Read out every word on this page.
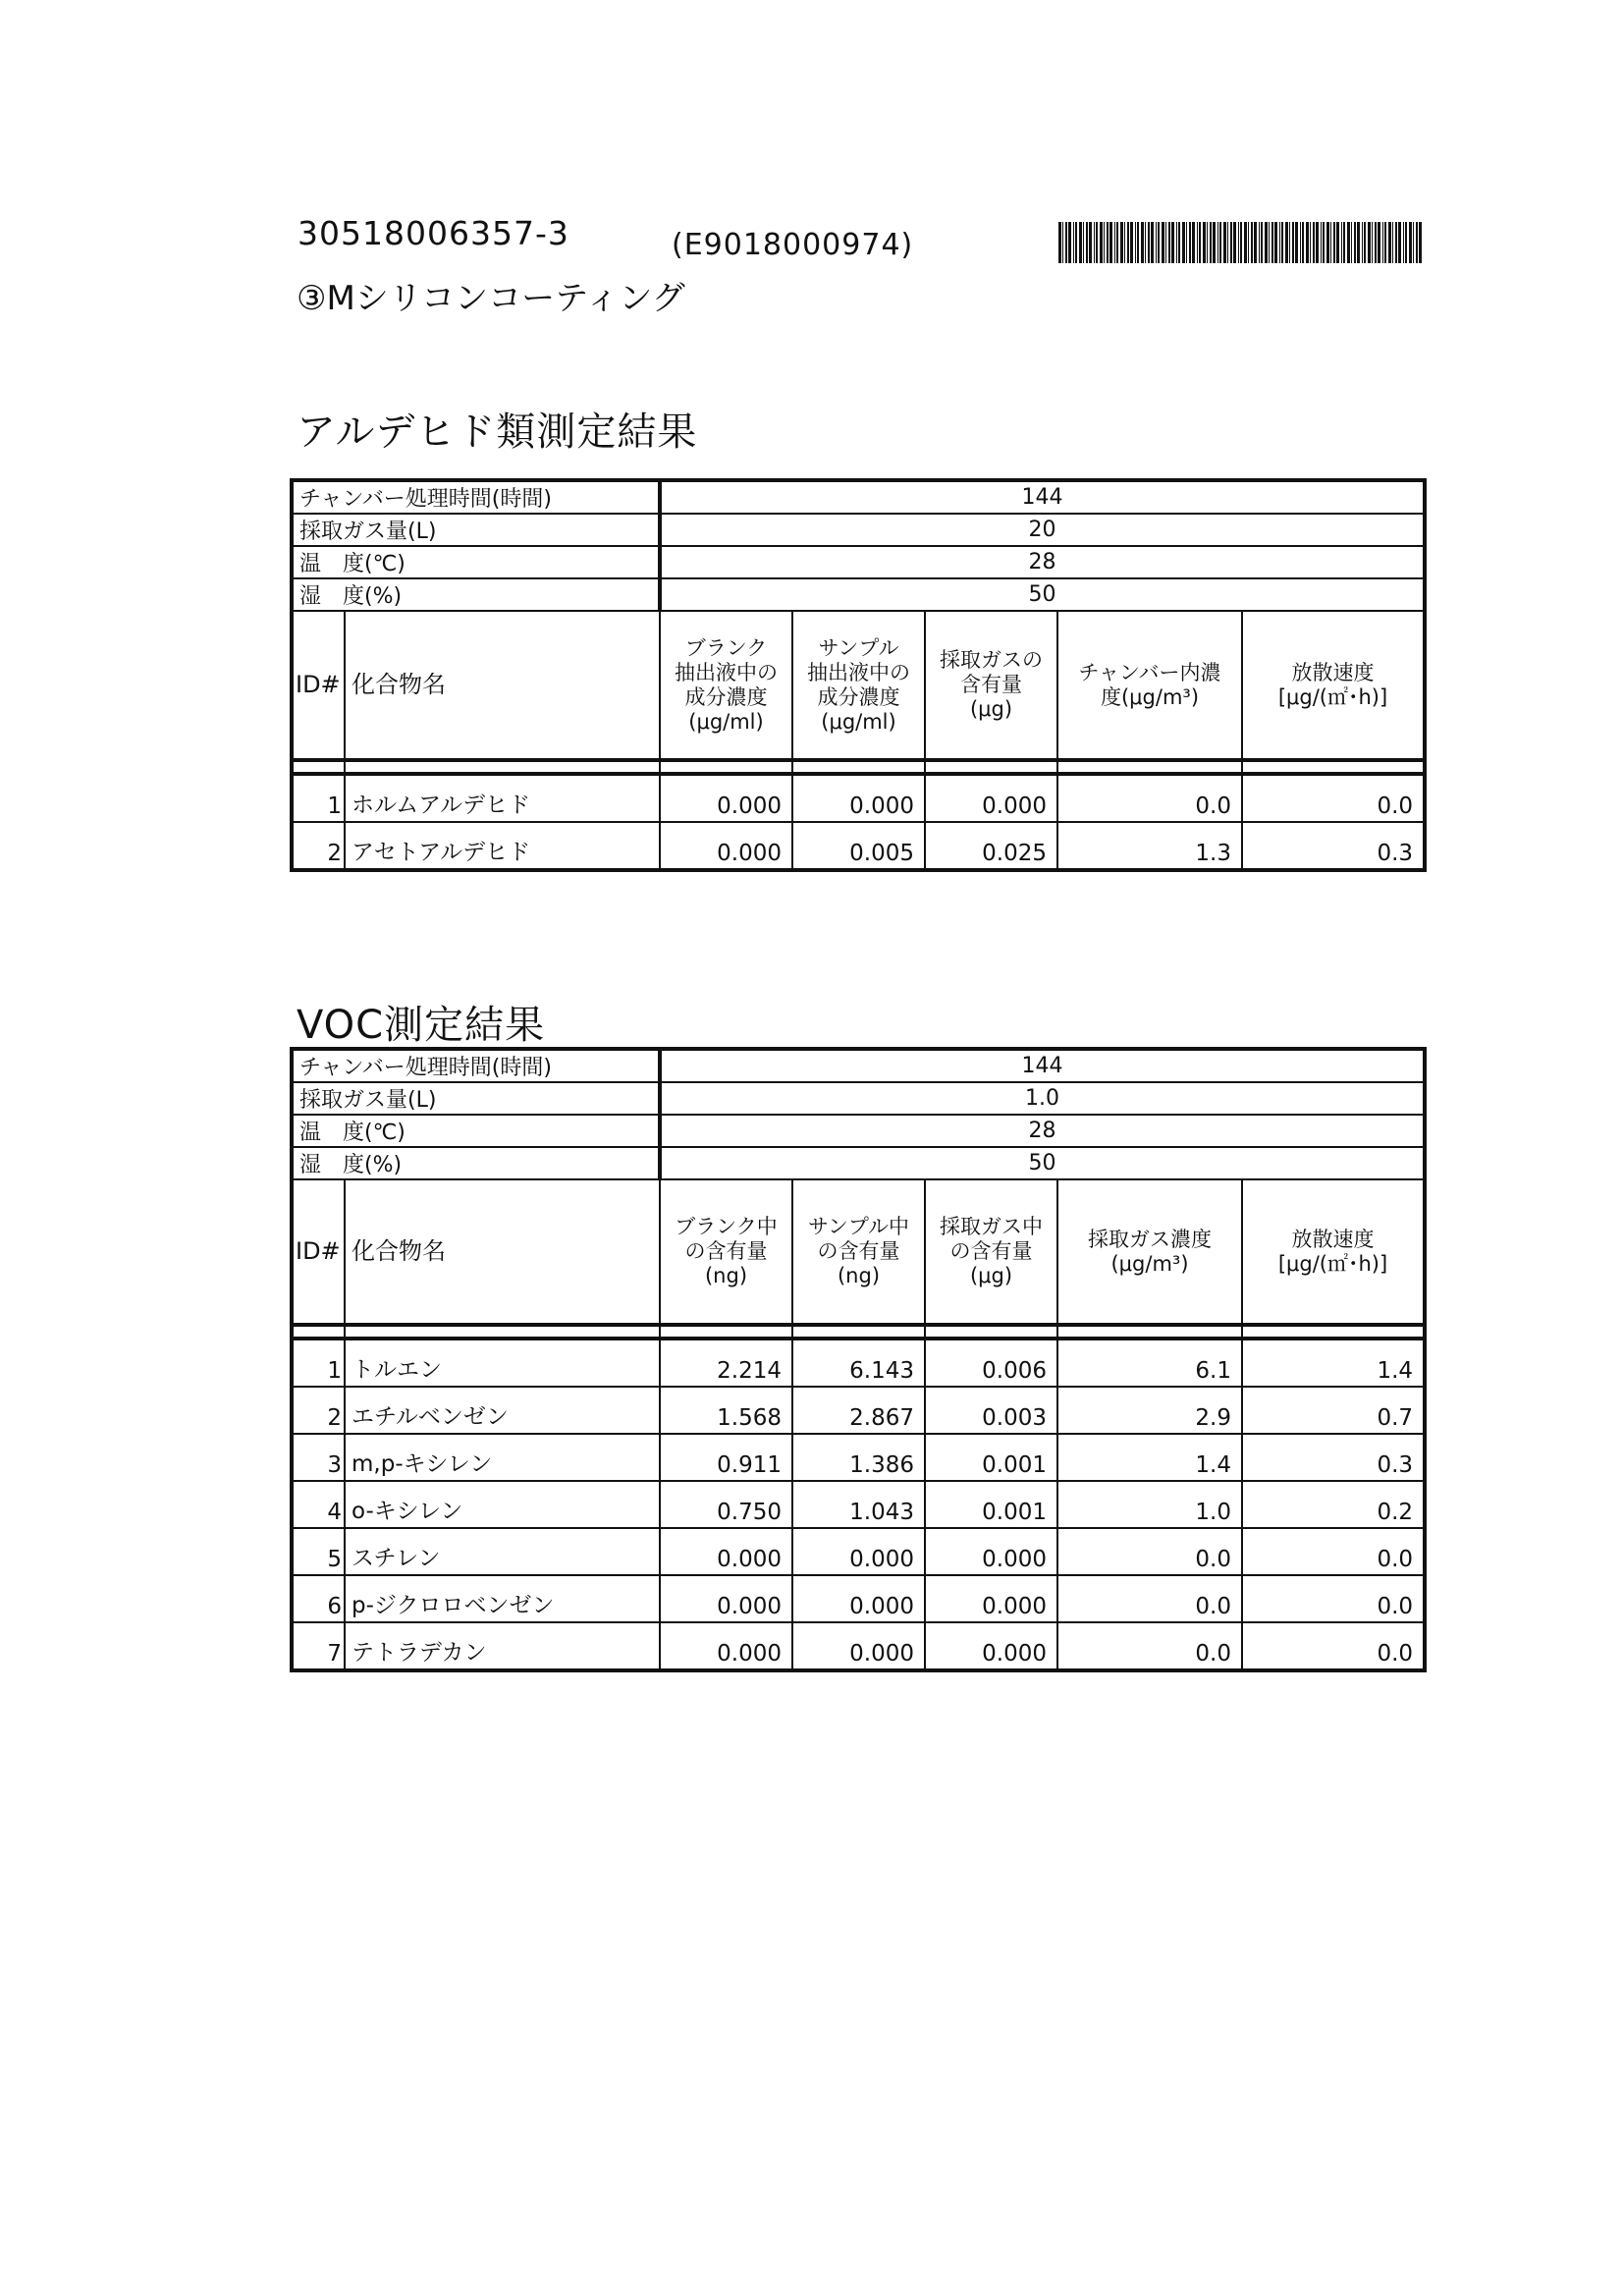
30518006357-3	(E9018000974)
③Mシリコンコーティング
アルデヒド類測定結果
チャンバー処理時間(時間)		144				
採取ガス量(L)		20				
温　度(℃)		28				
湿　度(%)		50				
ID#	化合物名	ブランク
抽出液中の
成分濃度
(μg/ml)	サンプル
抽出液中の
成分濃度
(μg/ml)	採取ガスの
含有量
(μg)	チャンバー内濃
度(μg/m³)	放散速度
[μg/(㎡･h)]

1	ホルムアルデヒド	0.000	0.000	0.000	0.0	0.0
2	アセトアルデヒド	0.000	0.005	0.025	1.3	0.3
VOC測定結果
チャンバー処理時間(時間)		144				
採取ガス量(L)		1.0				
温　度(℃)		28				
湿　度(%)		50				
ID#	化合物名	ブランク中
の含有量
(ng)	サンプル中
の含有量
(ng)	採取ガス中
の含有量
(μg)	採取ガス濃度
(μg/m³)	放散速度
[μg/(㎡･h)]

1	トルエン	2.214	6.143	0.006	6.1	1.4
2	エチルベンゼン	1.568	2.867	0.003	2.9	0.7
3	m,p-キシレン	0.911	1.386	0.001	1.4	0.3
4	o-キシレン	0.750	1.043	0.001	1.0	0.2
5	スチレン	0.000	0.000	0.000	0.0	0.0
6	p-ジクロロベンゼン	0.000	0.000	0.000	0.0	0.0
7	テトラデカン	0.000	0.000	0.000	0.0	0.0
